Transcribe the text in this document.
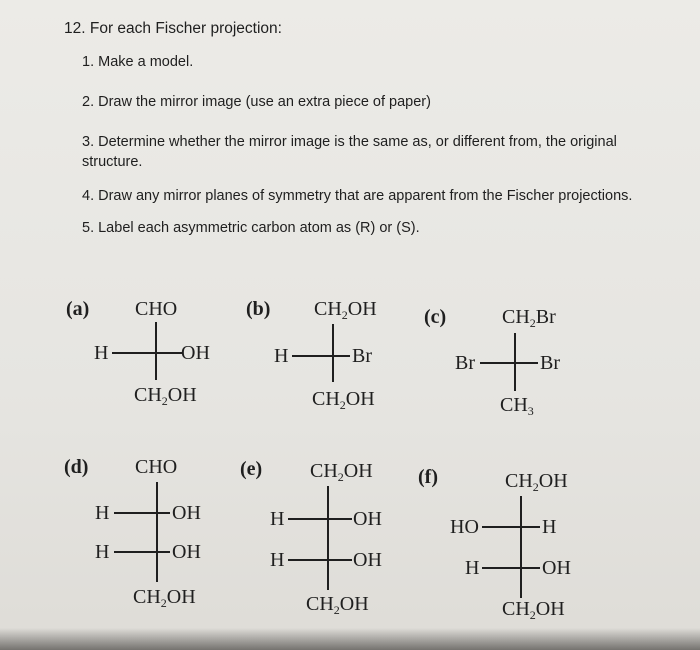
12. For each Fischer projection:
1. Make a model.
2. Draw the mirror image (use an extra piece of paper)
3. Determine whether the mirror image is the same as, or different from, the original structure.
4. Draw any mirror planes of symmetry that are apparent from the Fischer projections.
5. Label each asymmetric carbon atom as (R) or (S).
(a) CHO
H	OH
$CH_2OH$
(b) $CH_2OH$
H	Br
$CH_2OH$
(c)	$CH_2Br$
Br	Br
$CH_3$
(d) CHO
H	OH
H	OH
$CH_2OH$
(e) $CH_2OH$
H	OH
H	OH
$CH_2OH$
(f)	$CH_2OH$
HO	H
H	OH
$CH_2OH$
